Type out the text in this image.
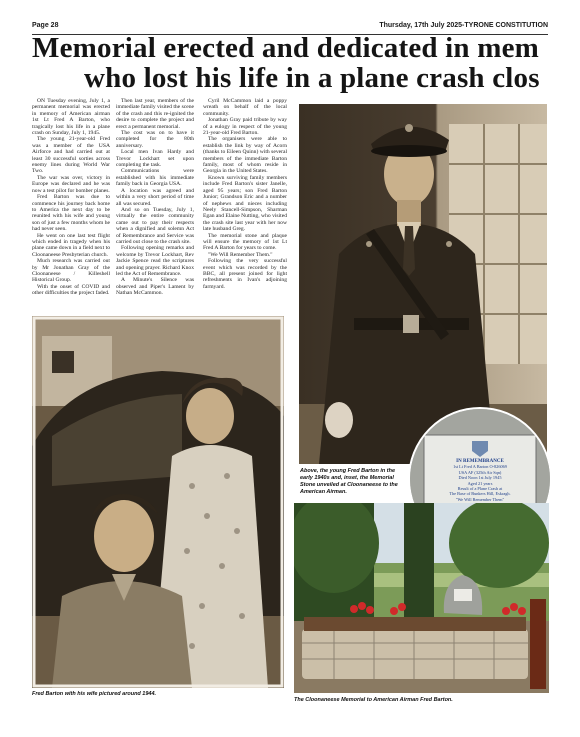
Page 28	Thursday, 17th July 2025-TYRONE CONSTITUTION
Memorial erected and dedicated in mem
who lost his life in a plane crash clos

ON Tuesday evening, July 1, a permanent memorial was erected in memory of American airman 1st Lt Fred A Barton, who tragically lost his life in a plane crash on Sunday, July 1, 1945.

The young 21-year-old Fred was a member of the USA Airforce and had carried out at least 30 successful sorties across enemy lines during World War Two.

The war was over, victory in Europe was declared and he was now a test pilot for bomber planes.

Fred Barton was due to commence his journey back home to America the next day to be reunited with his wife and young son of just a few months whom he had never seen.

He went on one last test flight which ended in tragedy when his plane came down in a field next to Cloonaneese Presbyterian church.

Much research was carried out by Mr Jonathan Gray of the Cloonaneese / Killeshell Historical Group.

With the onset of COVID and other difficulties the project faded.

Then last year, members of the immediate family visited the scene of the crash and this re-ignited the desire to complete the project and erect a permanent memorial.

The cost was on to have it completed for the 80th anniversary.

Local men Ivan Hardy and Trevor Lockhart set upon completing the task.

Communications were established with his immediate family back in Georgia USA.

A location was agreed and within a very short period of time all was secured.

And so on Tuesday, July 1, virtually the entire community came out to pay their respects when a dignified and solemn Act of Remembrance and Service was carried out close to the crash site.

Following opening remarks and welcome by Trevor Lockhart, Rev Jackie Spence read the scriptures and opening prayer. Richard Knox led the Act of Remembrance.

A Minute's Silence was observed and Piper's Lament by Nathan McCammon.

Cyril McCammon laid a poppy wreath on behalf of the local community.

Jonathan Gray paid tribute by way of a eulogy in respect of the young 21-year-old Fred Barton.

The organisers were able to establish the link by way of Acorn (thanks to Eileen Quinn) with several members of the immediate Barton family, most of whom reside in Georgia in the United States.

Known surviving family members include Fred Barton's sister Janelle, aged 95 years; son Fred Barton Junior; Grandson Eric and a number of nephews and nieces including Neely Stancell-Simpson, Sharman Egan and Elaine Nutting, who visited the crash site last year with her now late husband Greg.

The memorial stone and plaque will ensure the memory of 1st Lt Fred A Barton for years to come.

"We Will Remember Them."

Following the very successful event which was recorded by the BBC, all present joined for light refreshments in Ivan's adjoining farmyard.

IN REMEMBRANCE
1st Lt Fred A Barton O-826069
USA AF (325th Air Sqn)
Died Noon 1st July 1945
Aged 21 years
Result of a Plane Crash at
The Base of Bunkers Hill, Eskragh.
"We Will Remember Them"
Above, the young Fred Barton in the early 1940s and, inset, the Memorial Stone unveiled at Cloonaneese to the American Airman.
Fred Barton with his wife pictured around 1944.
The Cloonaneese Memorial to American Airman Fred Barton.
